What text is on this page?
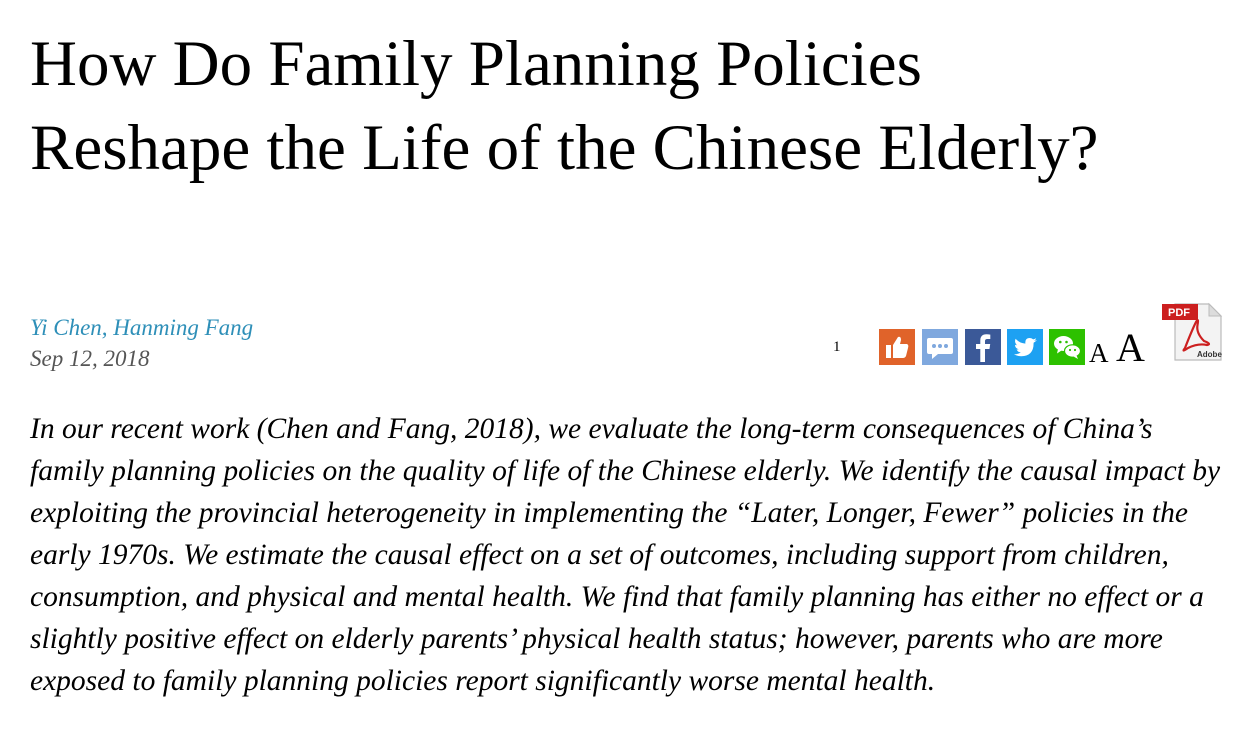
How Do Family Planning Policies Reshape the Life of the Chinese Elderly?
Yi Chen, Hanming Fang
Sep 12, 2018	1	A A
PDF
Adobe

In our recent work (Chen and Fang, 2018), we evaluate the long-term consequences of China’s family planning policies on the quality of life of the Chinese elderly. We identify the causal impact by exploiting the provincial heterogeneity in implementing the “Later, Longer, Fewer” policies in the early 1970s. We estimate the causal effect on a set of outcomes, including support from children, consumption, and physical and mental health. We find that family planning has either no effect or a slightly positive effect on elderly parents’ physical health status; however, parents who are more exposed to family planning policies report significantly worse mental health.
